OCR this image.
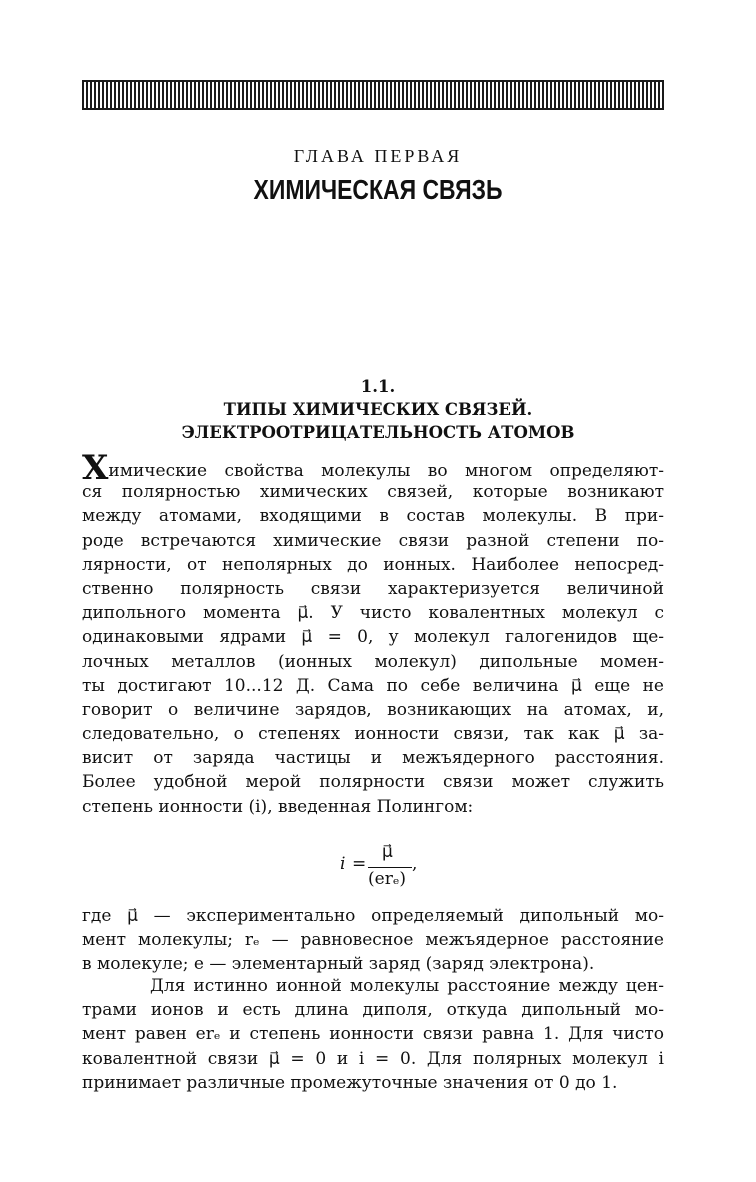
ГЛАВА ПЕРВАЯ
ХИМИЧЕСКАЯ СВЯЗЬ
1.1.
ТИПЫ ХИМИЧЕСКИХ СВЯЗЕЙ.
ЭЛЕКТРООТРИЦАТЕЛЬНОСТЬ АТОМОВ
Химические свойства молекулы во многом определяют-
ся полярностью химических связей, которые возникают
между атомами, входящими в состав молекулы. В при-
роде встречаются химические связи разной степени по-
лярности, от неполярных до ионных. Наиболее непосред-
ственно полярность связи характеризуется величиной
дипольного момента μ⃗. У чисто ковалентных молекул с
одинаковыми ядрами μ⃗ = 0, у молекул галогенидов ще-
лочных металлов (ионных молекул) дипольные момен-
ты достигают 10...12 Д. Сама по себе величина μ⃗ еще не
говорит о величине зарядов, возникающих на атомах, и,
следовательно, о степенях ионности связи, так как μ⃗ за-
висит от заряда частицы и межъядерного расстояния.
Более удобной мерой полярности связи может служить
степень ионности (i), введенная Полингом:
i =
μ⃗
(erₑ)
,
где μ⃗ — экспериментально определяемый дипольный мо-
мент молекулы; rₑ — равновесное межъядерное расстояние
в молекуле; e — элементарный заряд (заряд электрона).
Для истинно ионной молекулы расстояние между цен-
трами ионов и есть длина диполя, откуда дипольный мо-
мент равен erₑ и степень ионности связи равна 1. Для чисто
ковалентной связи μ⃗ = 0 и i = 0. Для полярных молекул i
принимает различные промежуточные значения от 0 до 1.
